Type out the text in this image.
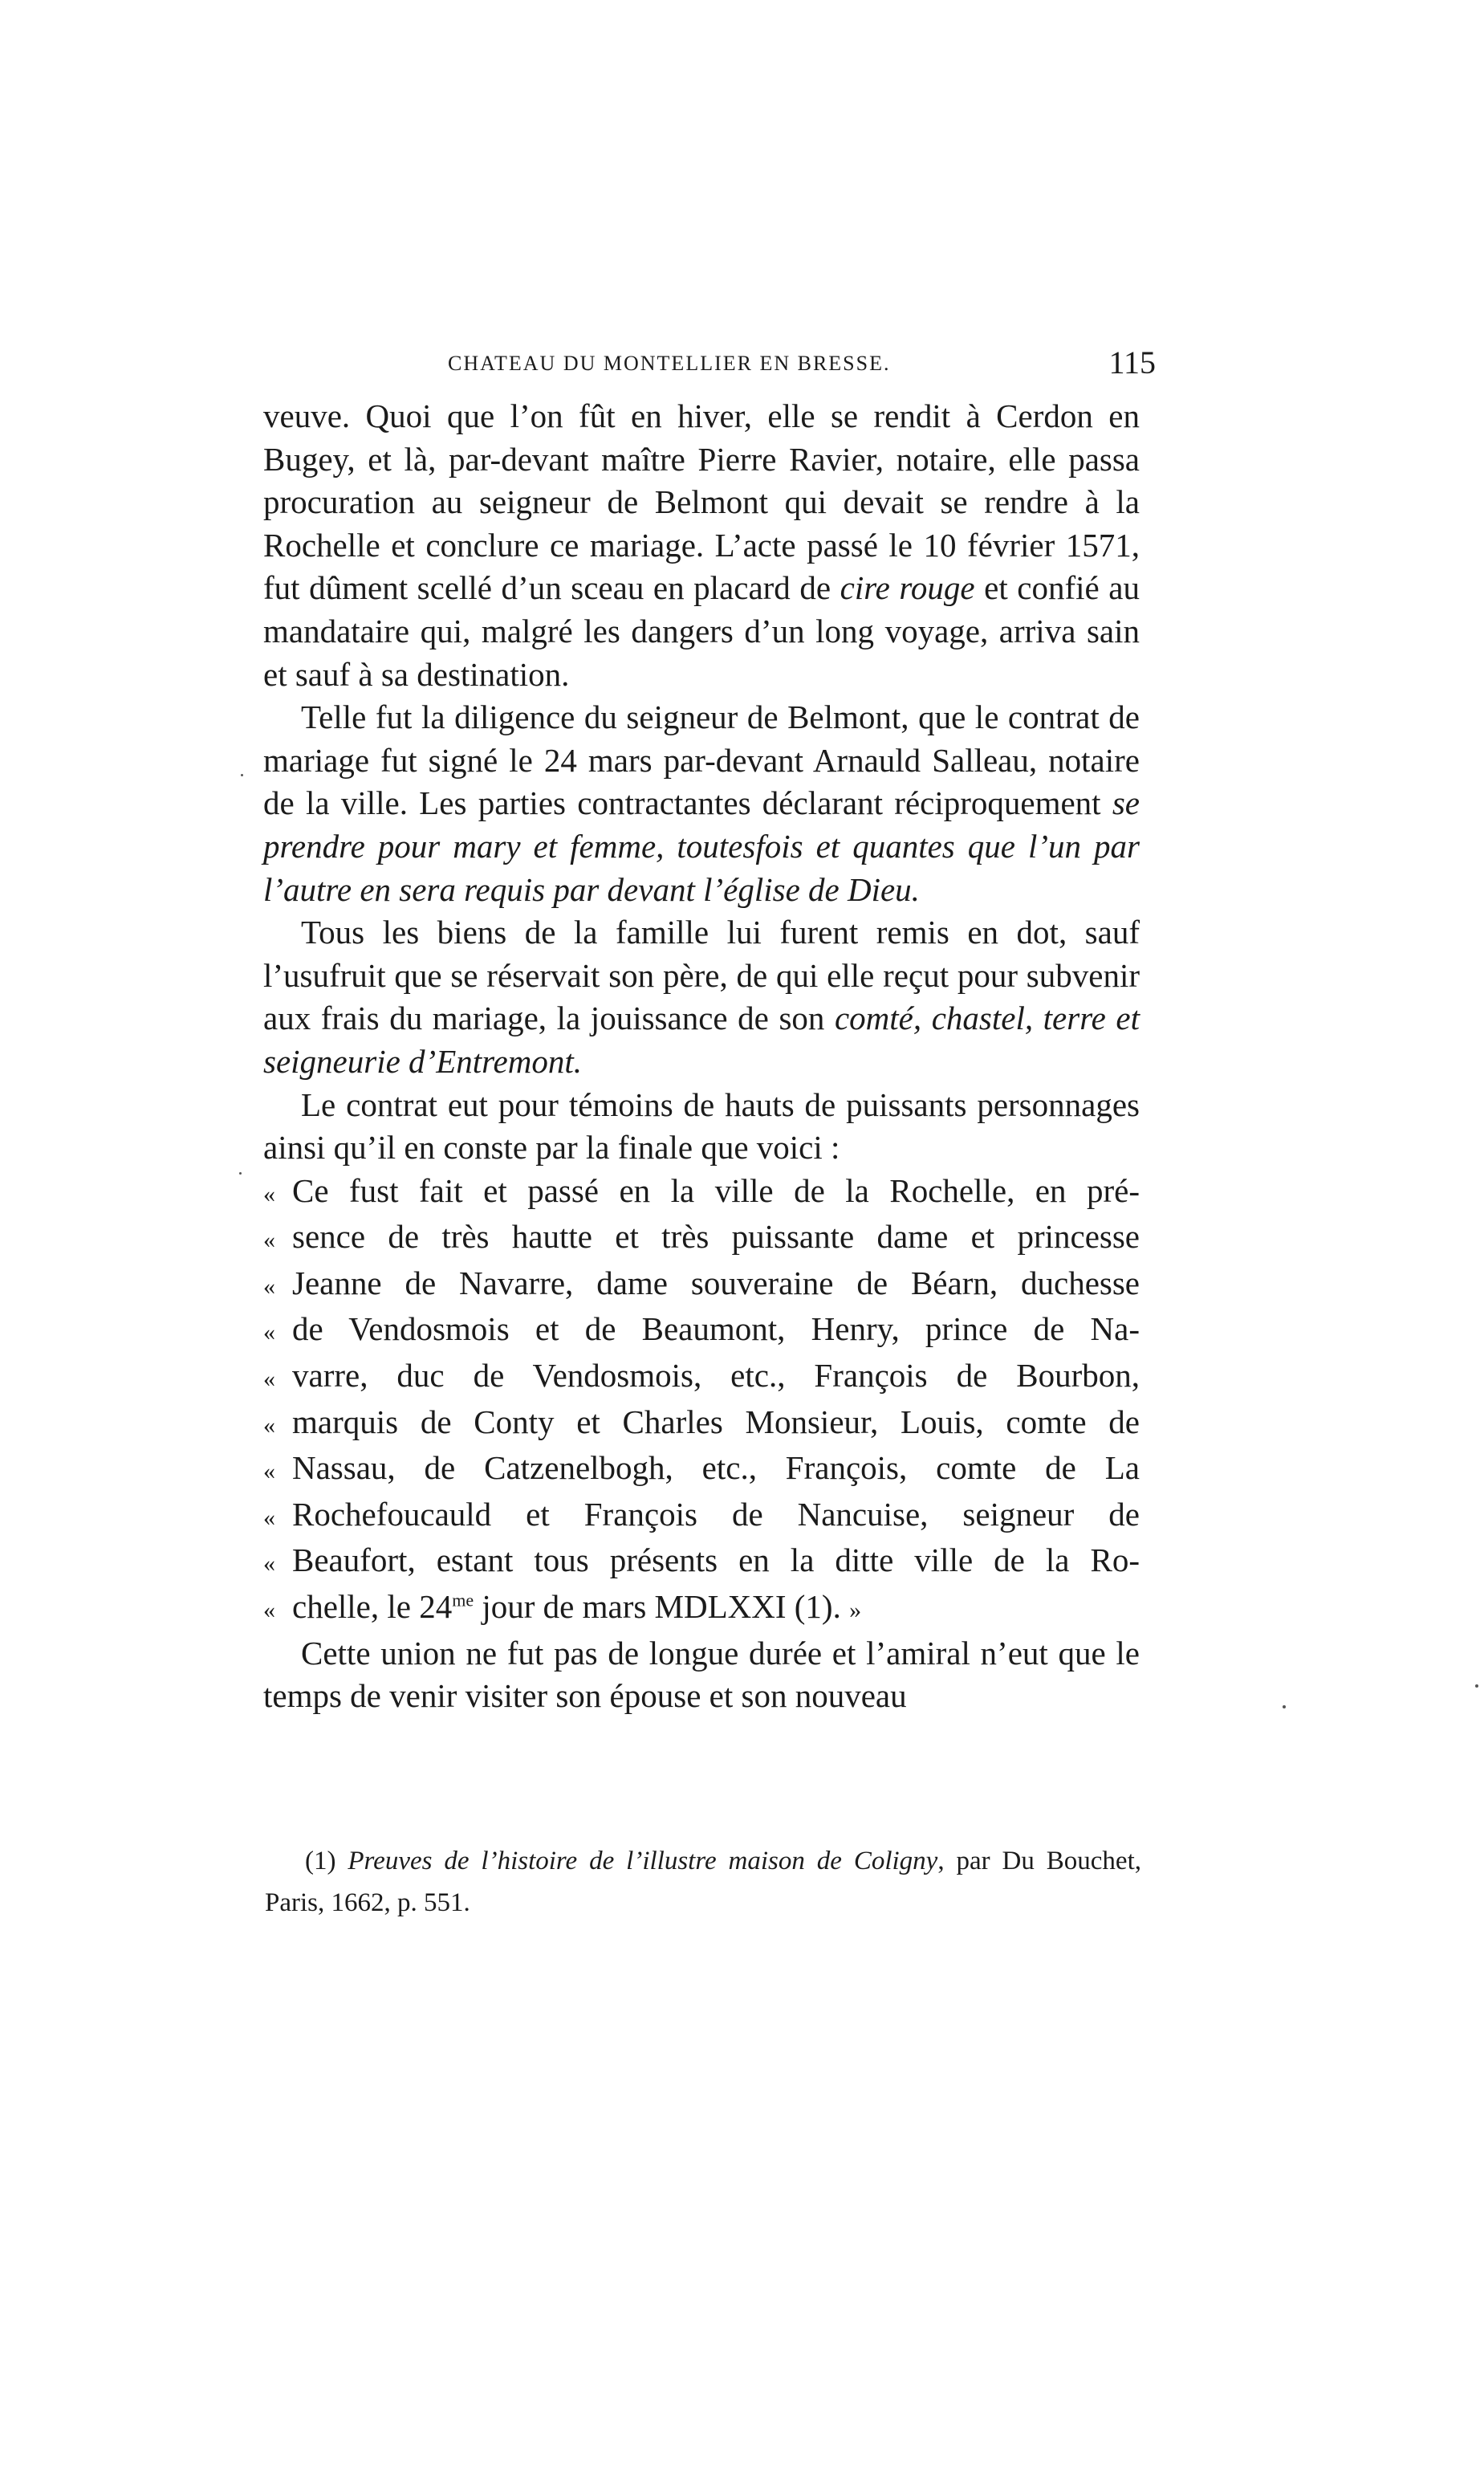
CHATEAU DU MONTELLIER EN BRESSE.	115

veuve. Quoi que l’on fût en hiver, elle se rendit à Cerdon en Bugey, et là, par-devant maître Pierre Ravier, notaire, elle passa procuration au seigneur de Belmont qui devait se rendre à la Rochelle et conclure ce mariage. L’acte passé le 10 février 1571, fut dûment scellé d’un sceau en placard de cire rouge et confié au mandataire qui, malgré les dangers d’un long voyage, arriva sain et sauf à sa destination.

Telle fut la diligence du seigneur de Belmont, que le contrat de mariage fut signé le 24 mars par-devant Arnauld Salleau, notaire de la ville. Les parties contractantes déclarant réciproquement se prendre pour mary et femme, toutesfois et quantes que l’un par l’autre en sera requis par devant l’église de Dieu.

Tous les biens de la famille lui furent remis en dot, sauf l’usufruit que se réservait son père, de qui elle reçut pour subvenir aux frais du mariage, la jouissance de son comté, chastel, terre et seigneurie d’Entremont.

Le contrat eut pour témoins de hauts de puissants personnages ainsi qu’il en conste par la finale que voici :

« Ce fust fait et passé en la ville de la Rochelle, en pré-
« sence de très hautte et très puissante dame et princesse
« Jeanne de Navarre, dame souveraine de Béarn, duchesse
« de Vendosmois et de Beaumont, Henry, prince de Na-
« varre, duc de Vendosmois, etc., François de Bourbon,
« marquis de Conty et Charles Monsieur, Louis, comte de
« Nassau, de Catzenelbogh, etc., François, comte de La
« Rochefoucauld et François de Nancuise, seigneur de
« Beaufort, estant tous présents en la ditte ville de la Ro-
« chelle, le $24^{me}$ jour de mars MDLXXI (1). »

Cette union ne fut pas de longue durée et l’amiral n’eut que le temps de venir visiter son épouse et son nouveau

(1) Preuves de l’histoire de l’illustre maison de Coligny, par Du Bouchet, Paris, 1662, p. 551.
